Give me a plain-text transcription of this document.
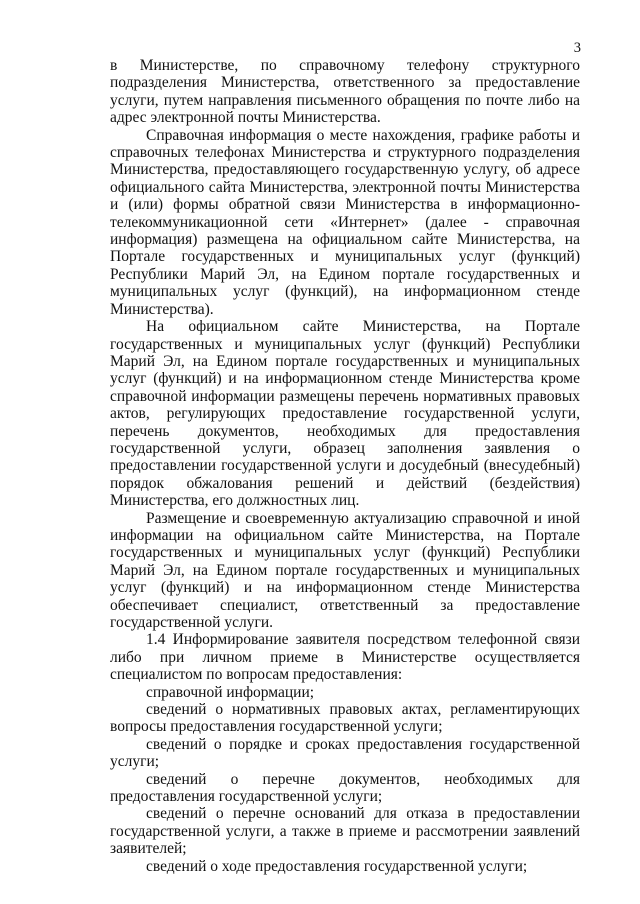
3

в Министерстве, по справочному телефону структурного подразделения Министерства, ответственного за предоставление услуги, путем направления письменного обращения по почте либо на адрес электронной почты Министерства.

Справочная информация о месте нахождения, графике работы и справочных телефонах Министерства и структурного подразделения Министерства, предоставляющего государственную услугу, об адресе официального сайта Министерства, электронной почты Министерства и (или) формы обратной связи Министерства в информационно-телекоммуникационной сети «Интернет» (далее - справочная информация) размещена на официальном сайте Министерства, на Портале государственных и муниципальных услуг (функций) Республики Марий Эл, на Едином портале государственных и муниципальных услуг (функций), на информационном стенде Министерства).

На официальном сайте Министерства, на Портале государственных и муниципальных услуг (функций) Республики Марий Эл, на Едином портале государственных и муниципальных услуг (функций) и на информационном стенде Министерства кроме справочной информации размещены перечень нормативных правовых актов, регулирующих предоставление государственной услуги, перечень документов, необходимых для предоставления государственной услуги, образец заполнения заявления о предоставлении государственной услуги и досудебный (внесудебный) порядок обжалования решений и действий (бездействия) Министерства, его должностных лиц.

Размещение и своевременную актуализацию справочной и иной информации на официальном сайте Министерства, на Портале государственных и муниципальных услуг (функций) Республики Марий Эл, на Едином портале государственных и муниципальных услуг (функций) и на информационном стенде Министерства обеспечивает специалист, ответственный за предоставление государственной услуги.

1.4 Информирование заявителя посредством телефонной связи либо при личном приеме в Министерстве осуществляется специалистом по вопросам предоставления:

справочной информации;

сведений о нормативных правовых актах, регламентирующих вопросы предоставления государственной услуги;

сведений о порядке и сроках предоставления государственной услуги;

сведений о перечне документов, необходимых для предоставления государственной услуги;

сведений о перечне оснований для отказа в предоставлении государственной услуги, а также в приеме и рассмотрении заявлений заявителей;

сведений о ходе предоставления государственной услуги;
